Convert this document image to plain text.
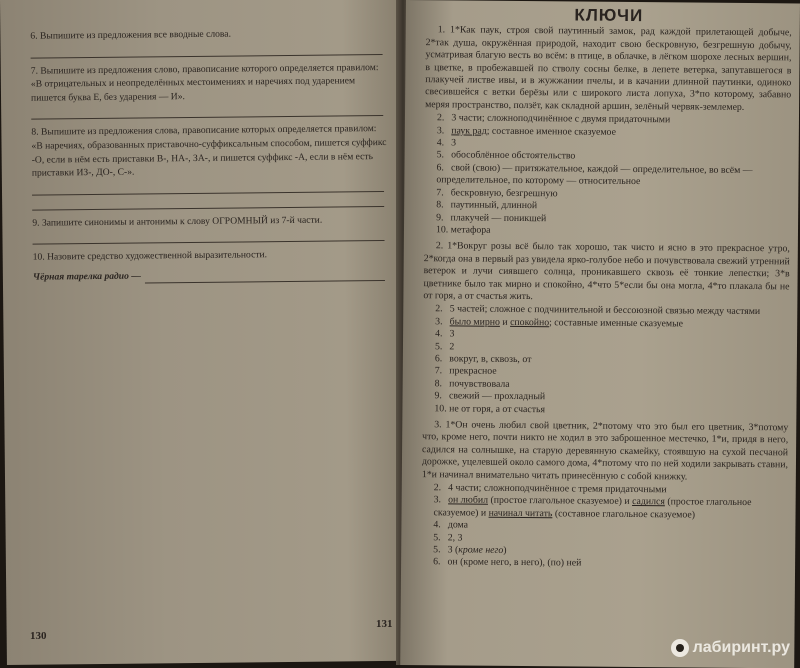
6. Выпишите из предложения все вводные слова.

7. Выпишите из предложения слово, правописание которого определяется правилом: «В отрицательных и неопределённых местоимениях и наречиях под ударением пишется буква Е, без ударения — И».

8. Выпишите из предложения слова, правописание которых определяется правилом: «В наречиях, образованных приставочно-суффиксальным способом, пишется суффикс -О, если в нём есть приставки В-, НА-, ЗА-, и пишется суффикс -А, если в нём есть приставки ИЗ-, ДО-, С-».

9. Запишите синонимы и антонимы к слову ОГРОМНЫЙ из 7-й части.

10. Назовите средство художественной выразительности.

Чёрная тарелка радио —
КЛЮЧИ

1. 1*Как паук, строя свой паутинный замок, рад каждой прилетающей добыче, 2*так душа, окружённая природой, находит свою бескровную, безгрешную добычу, усматривая благую весть во всём: в птице, в облачке, в лёгком шорохе лесных вершин, в цветке, в пробежавшей по стволу сосны белке, в лепете ветерка, запутавшегося в плакучей листве ивы, и в жужжании пчелы, и в качании длинной паутинки, одиноко свесившейся с ветки берёзы или с широкого листа лопуха, 3*по которому, забавно меряя пространство, ползёт, как складной аршин, зелёный червяк-землемер.

2. 3 части; сложноподчинённое с двумя придаточными
3. паук рад; составное именное сказуемое
4. 3
5. обособлённое обстоятельство
6. свой (свою) — притяжательное, каждой — определительное, во всём — определительное, по которому — относительное
7. бескровную, безгрешную
8. паутинный, длинной
9. плакучей — поникшей
10. метафора

2. 1*Вокруг розы всё было так хорошо, так чисто и ясно в это прекрасное утро, 2*когда она в первый раз увидела ярко-голубое небо и почувствовала свежий утренний ветерок и лучи сиявшего солнца, проникавшего сквозь её тонкие лепестки; 3*в цветнике было так мирно и спокойно, 4*что 5*если бы она могла, 4*то плакала бы не от горя, а от счастья жить.

2. 5 частей; сложное с подчинительной и бессоюзной связью между частями
3. было мирно и спокойно; составные именные сказуемые
4. 3
5. 2
6. вокруг, в, сквозь, от
7. прекрасное
8. почувствовала
9. свежий — прохладный
10. не от горя, а от счастья

3. 1*Он очень любил свой цветник, 2*потому что это был его цветник, 3*потому что, кроме него, почти никто не ходил в это заброшенное местечко, 1*и, придя в него, садился на солнышке, на старую деревянную скамейку, стоявшую на сухой песчаной дорожке, уцелевшей около самого дома, 4*потому что по ней ходили закрывать ставни, 1*и начинал внимательно читать принесённую с собой книжку.

2. 4 части; сложноподчинённое с тремя придаточными
3. он любил (простое глагольное сказуемое) и садился (простое глагольное сказуемое) и начинал читать (составное глагольное сказуемое)
4. дома
5. 2, 3
5. 3 (кроме него)
6. он (кроме него, в него), (по) ней
130
131
лабиринт.ру
